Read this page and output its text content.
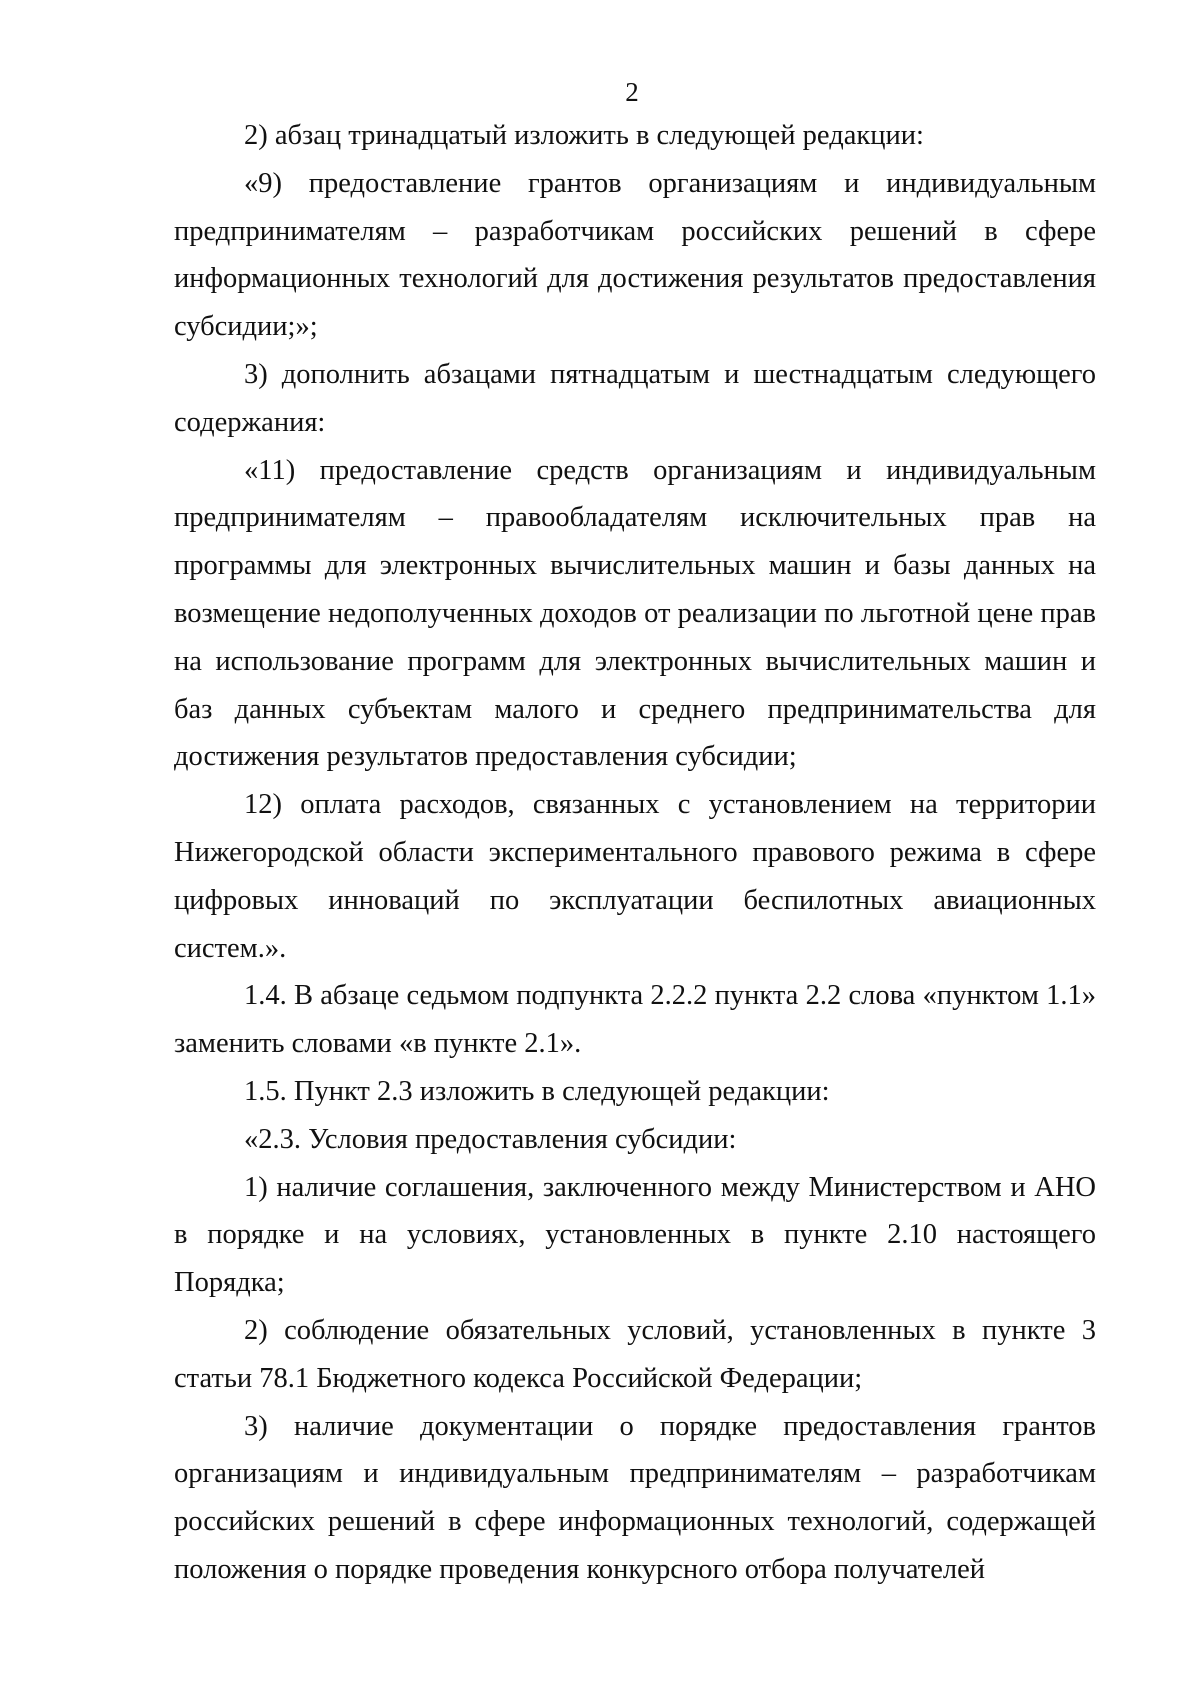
2

2) абзац тринадцатый изложить в следующей редакции:

«9) предоставление грантов организациям и индивидуальным предпринимателям – разработчикам российских решений в сфере информационных технологий для достижения результатов предоставления субсидии;»;

3) дополнить абзацами пятнадцатым и шестнадцатым следующего содержания:

«11) предоставление средств организациям и индивидуальным предпринимателям – правообладателям исключительных прав на программы для электронных вычислительных машин и базы данных на возмещение недополученных доходов от реализации по льготной цене прав на использование программ для электронных вычислительных машин и баз данных субъектам малого и среднего предпринимательства для достижения результатов предоставления субсидии;

12) оплата расходов, связанных с установлением на территории Нижегородской области экспериментального правового режима в сфере цифровых инноваций по эксплуатации беспилотных авиационных систем.».

1.4. В абзаце седьмом подпункта 2.2.2 пункта 2.2 слова «пунктом 1.1» заменить словами «в пункте 2.1».

1.5. Пункт 2.3 изложить в следующей редакции:

«2.3. Условия предоставления субсидии:

1) наличие соглашения, заключенного между Министерством и АНО в порядке и на условиях, установленных в пункте 2.10 настоящего Порядка;

2) соблюдение обязательных условий, установленных в пункте 3 статьи 78.1 Бюджетного кодекса Российской Федерации;

3) наличие документации о порядке предоставления грантов организациям и индивидуальным предпринимателям – разработчикам российских решений в сфере информационных технологий, содержащей положения о порядке проведения конкурсного отбора получателей
